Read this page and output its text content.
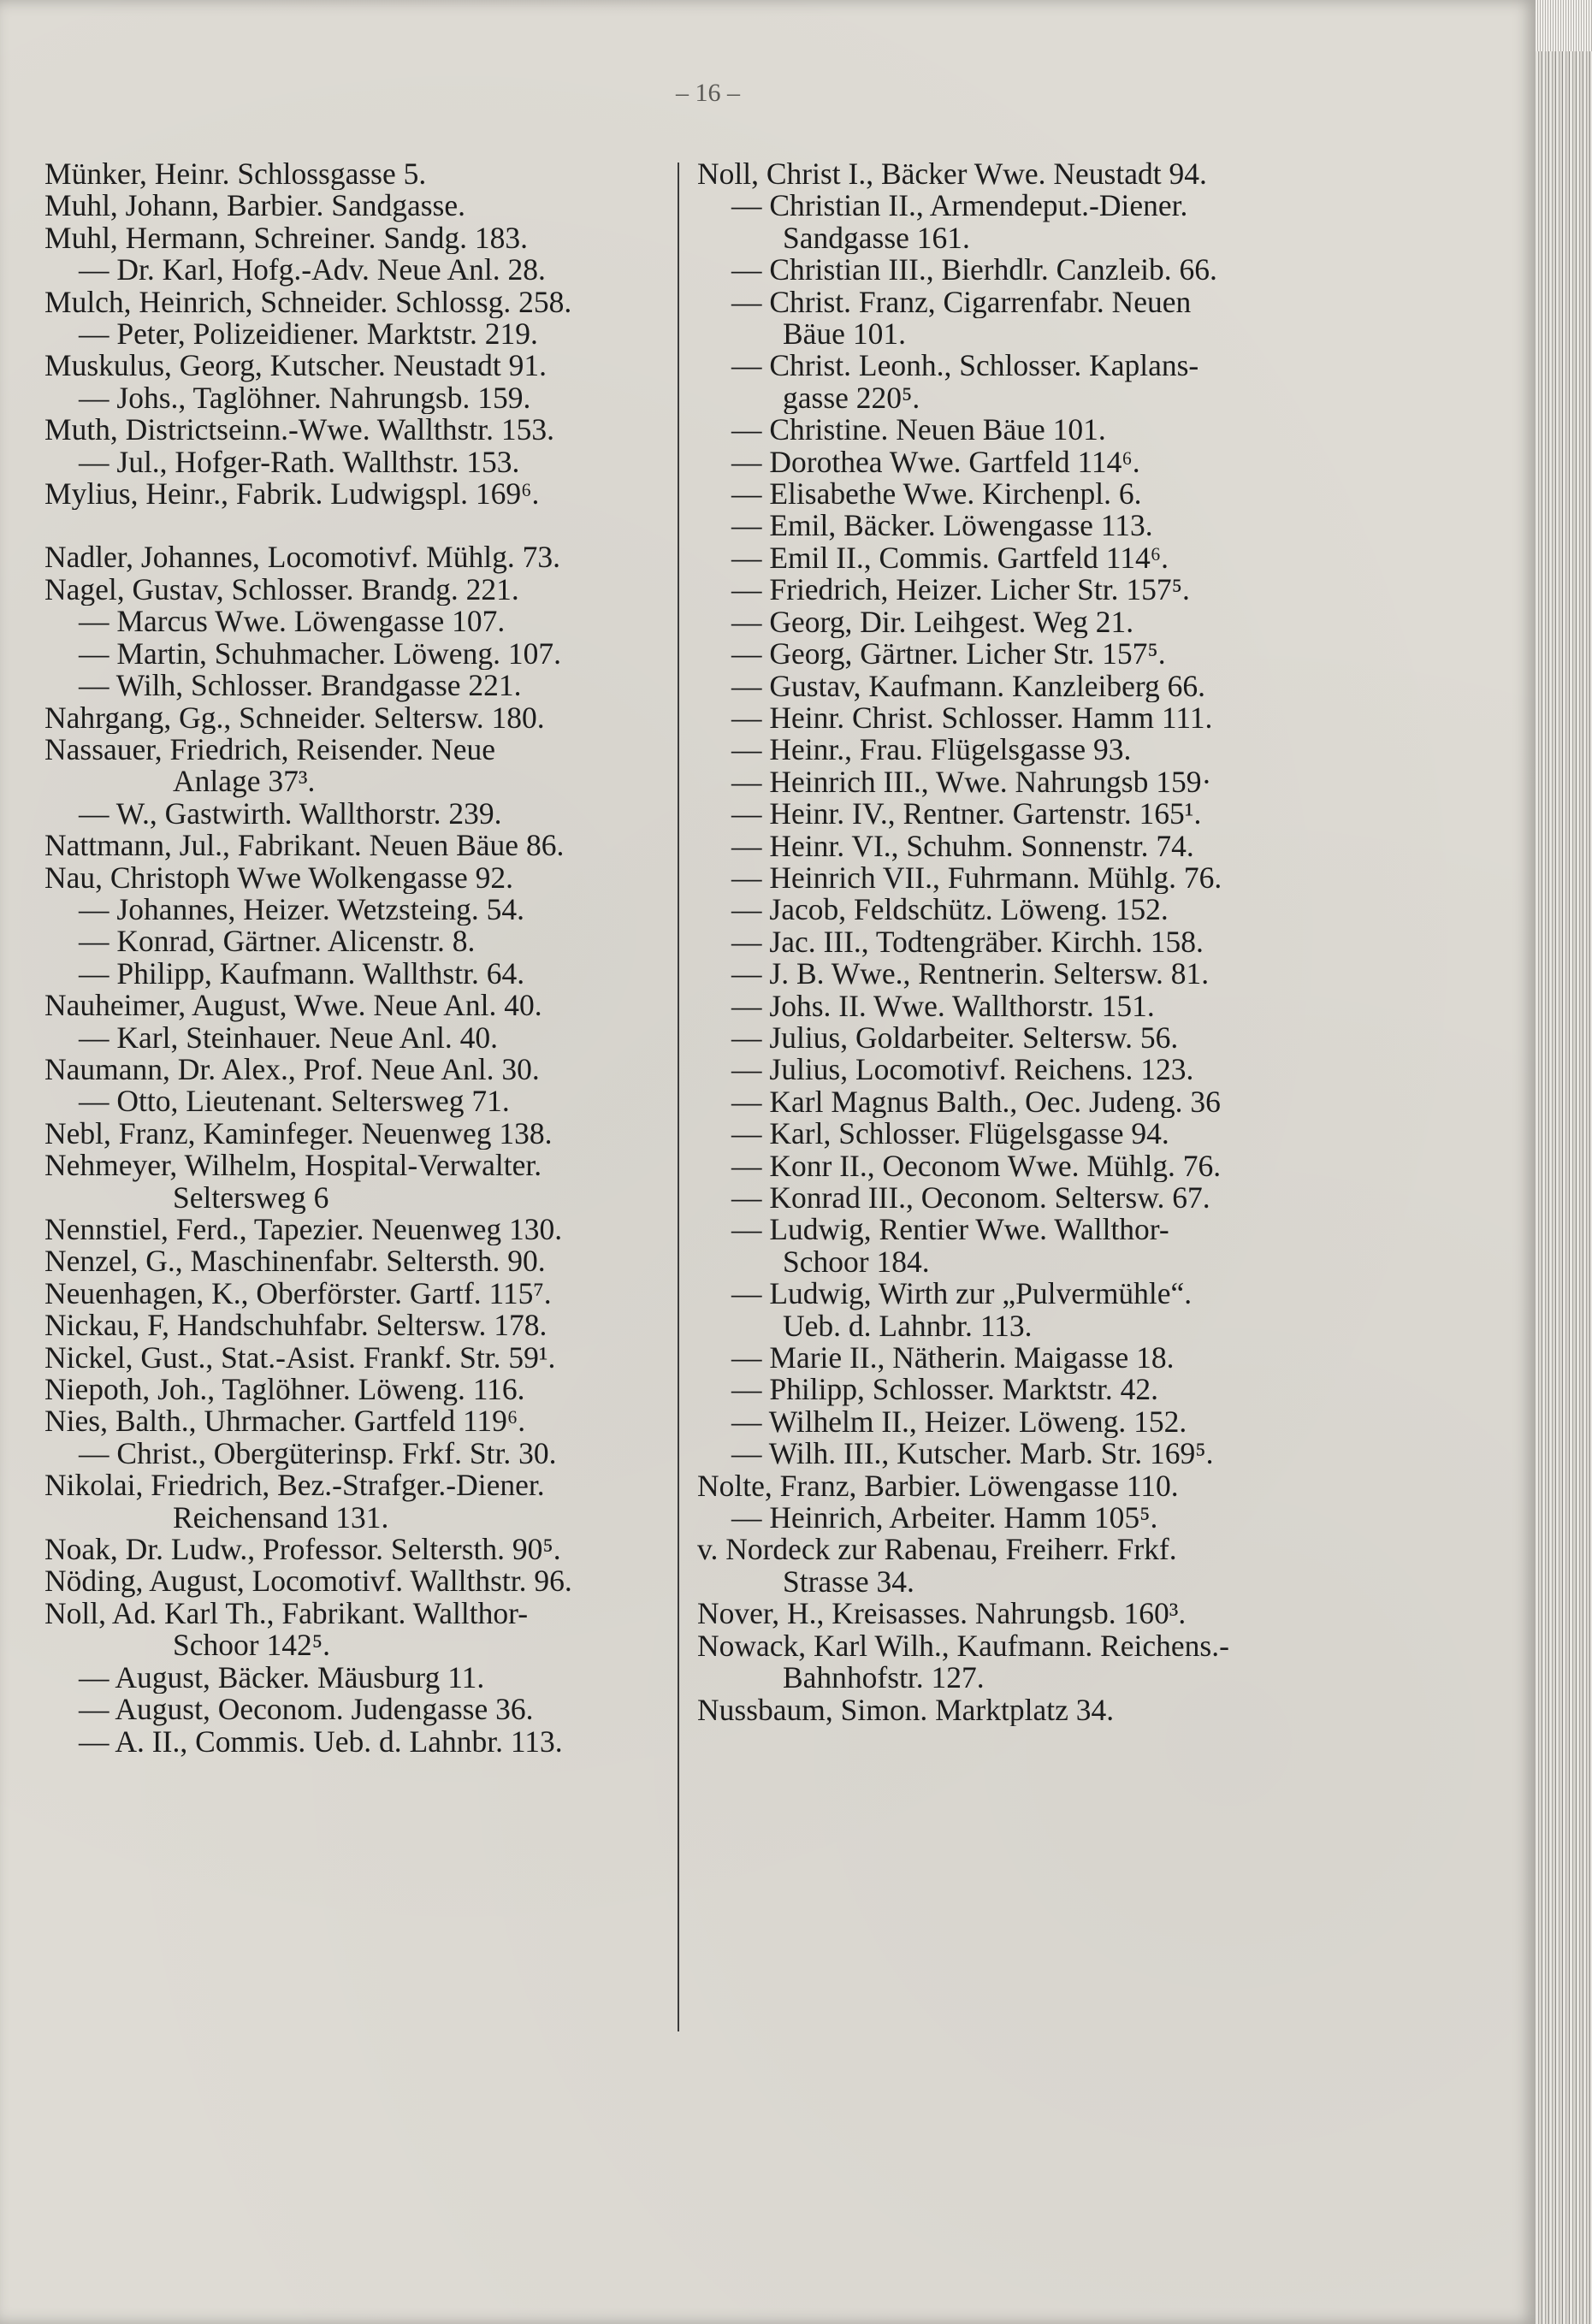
– 16 –
Münker, Heinr. Schlossgasse 5.
Muhl, Johann, Barbier. Sandgasse.
Muhl, Hermann, Schreiner. Sandg. 183.
— Dr. Karl, Hofg.-Adv. Neue Anl. 28.
Mulch, Heinrich, Schneider. Schlossg. 258.
— Peter, Polizeidiener. Marktstr. 219.
Muskulus, Georg, Kutscher. Neustadt 91.
— Johs., Taglöhner. Nahrungsb. 159.
Muth, Districtseinn.-Wwe. Wallthstr. 153.
— Jul., Hofger-Rath. Wallthstr. 153.
Mylius, Heinr., Fabrik. Ludwigspl. 169⁶.
Nadler, Johannes, Locomotivf. Mühlg. 73.
Nagel, Gustav, Schlosser. Brandg. 221.
— Marcus Wwe. Löwengasse 107.
— Martin, Schuhmacher. Löweng. 107.
— Wilh, Schlosser. Brandgasse 221.
Nahrgang, Gg., Schneider. Seltersw. 180.
Nassauer, Friedrich, Reisender. Neue
Anlage 37³.
— W., Gastwirth. Wallthorstr. 239.
Nattmann, Jul., Fabrikant. Neuen Bäue 86.
Nau, Christoph Wwe Wolkengasse 92.
— Johannes, Heizer. Wetzsteing. 54.
— Konrad, Gärtner. Alicenstr. 8.
— Philipp, Kaufmann. Wallthstr. 64.
Nauheimer, August, Wwe. Neue Anl. 40.
— Karl, Steinhauer. Neue Anl. 40.
Naumann, Dr. Alex., Prof. Neue Anl. 30.
— Otto, Lieutenant. Seltersweg 71.
Nebl, Franz, Kaminfeger. Neuenweg 138.
Nehmeyer, Wilhelm, Hospital-Verwalter.
Seltersweg 6
Nennstiel, Ferd., Tapezier. Neuenweg 130.
Nenzel, G., Maschinenfabr. Seltersth. 90.
Neuenhagen, K., Oberförster. Gartf. 115⁷.
Nickau, F, Handschuhfabr. Seltersw. 178.
Nickel, Gust., Stat.-Asist. Frankf. Str. 59¹.
Niepoth, Joh., Taglöhner. Löweng. 116.
Nies, Balth., Uhrmacher. Gartfeld 119⁶.
— Christ., Obergüterinsp. Frkf. Str. 30.
Nikolai, Friedrich, Bez.-Strafger.-Diener.
Reichensand 131.
Noak, Dr. Ludw., Professor. Seltersth. 90⁵.
Nöding, August, Locomotivf. Wallthstr. 96.
Noll, Ad. Karl Th., Fabrikant. Wallthor-
Schoor 142⁵.
— August, Bäcker. Mäusburg 11.
— August, Oeconom. Judengasse 36.
— A. II., Commis. Ueb. d. Lahnbr. 113.
Noll, Christ I., Bäcker Wwe. Neustadt 94.
— Christian II., Armendeput.-Diener.
Sandgasse 161.
— Christian III., Bierhdlr. Canzleib. 66.
— Christ. Franz, Cigarrenfabr. Neuen
Bäue 101.
— Christ. Leonh., Schlosser. Kaplans-
gasse 220⁵.
— Christine. Neuen Bäue 101.
— Dorothea Wwe. Gartfeld 114⁶.
— Elisabethe Wwe. Kirchenpl. 6.
— Emil, Bäcker. Löwengasse 113.
— Emil II., Commis. Gartfeld 114⁶.
— Friedrich, Heizer. Licher Str. 157⁵.
— Georg, Dir. Leihgest. Weg 21.
— Georg, Gärtner. Licher Str. 157⁵.
— Gustav, Kaufmann. Kanzleiberg 66.
— Heinr. Christ. Schlosser. Hamm 111.
— Heinr., Frau. Flügelsgasse 93.
— Heinrich III., Wwe. Nahrungsb 159·
— Heinr. IV., Rentner. Gartenstr. 165¹.
— Heinr. VI., Schuhm. Sonnenstr. 74.
— Heinrich VII., Fuhrmann. Mühlg. 76.
— Jacob, Feldschütz. Löweng. 152.
— Jac. III., Todtengräber. Kirchh. 158.
— J. B. Wwe., Rentnerin. Seltersw. 81.
— Johs. II. Wwe. Wallthorstr. 151.
— Julius, Goldarbeiter. Seltersw. 56.
— Julius, Locomotivf. Reichens. 123.
— Karl Magnus Balth., Oec. Judeng. 36
— Karl, Schlosser. Flügelsgasse 94.
— Konr II., Oeconom Wwe. Mühlg. 76.
— Konrad III., Oeconom. Seltersw. 67.
— Ludwig, Rentier Wwe. Wallthor-
Schoor 184.
— Ludwig, Wirth zur „Pulvermühle“.
Ueb. d. Lahnbr. 113.
— Marie II., Nätherin. Maigasse 18.
— Philipp, Schlosser. Marktstr. 42.
— Wilhelm II., Heizer. Löweng. 152.
— Wilh. III., Kutscher. Marb. Str. 169⁵.
Nolte, Franz, Barbier. Löwengasse 110.
— Heinrich, Arbeiter. Hamm 105⁵.
v. Nordeck zur Rabenau, Freiherr. Frkf.
Strasse 34.
Nover, H., Kreisasses. Nahrungsb. 160³.
Nowack, Karl Wilh., Kaufmann. Reichens.-
Bahnhofstr. 127.
Nussbaum, Simon. Marktplatz 34.
